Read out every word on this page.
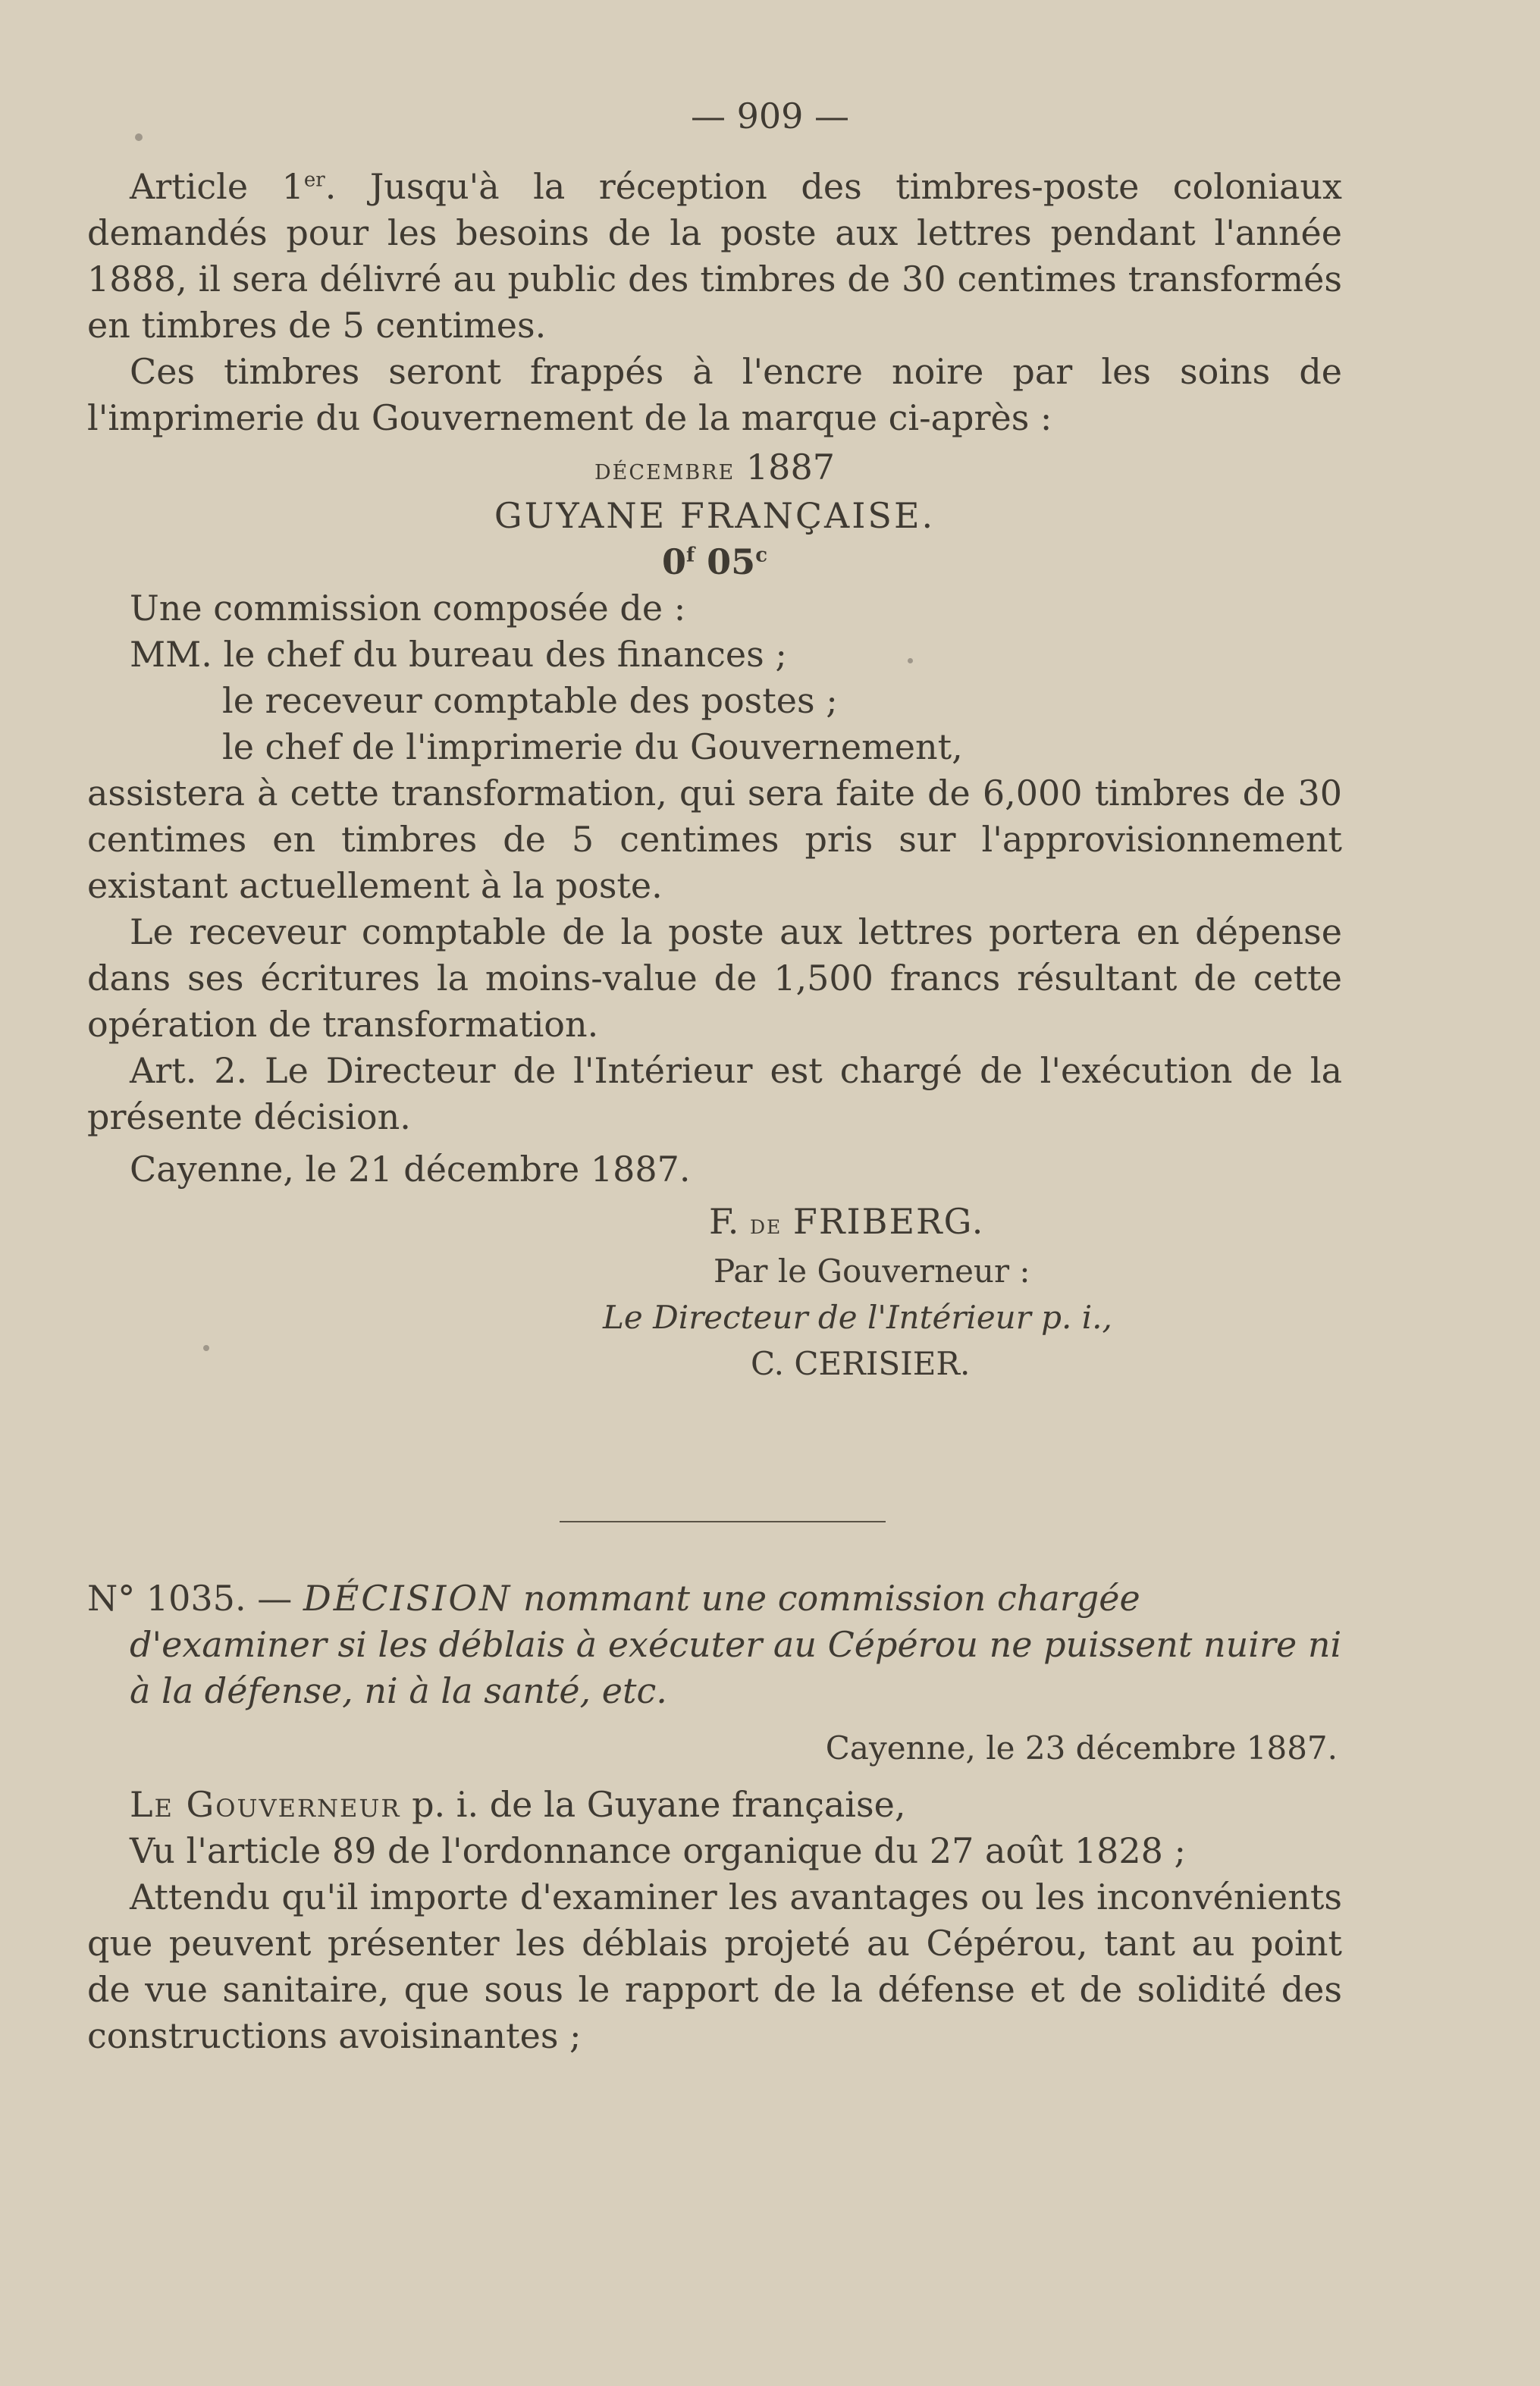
— 909 —

Article 1er. Jusqu'à la réception des timbres-poste coloniaux demandés pour les besoins de la poste aux lettres pendant l'année 1888, il sera délivré au public des timbres de 30 centimes transformés en timbres de 5 centimes.

Ces timbres seront frappés à l'encre noire par les soins de l'imprimerie du Gouvernement de la marque ci-après :

décembre 1887

GUYANE FRANÇAISE.

0$^f$ 05$^c$

Une commission composée de :

MM. le chef du bureau des finances ;

le receveur comptable des postes ;

le chef de l'imprimerie du Gouvernement,

assistera à cette transformation, qui sera faite de 6,000 timbres de 30 centimes en timbres de 5 centimes pris sur l'approvisionnement existant actuellement à la poste.

Le receveur comptable de la poste aux lettres portera en dépense dans ses écritures la moins-value de 1,500 francs résultant de cette opération de transformation.

Art. 2. Le Directeur de l'Intérieur est chargé de l'exécution de la présente décision.

Cayenne, le 21 décembre 1887.

F. de FRIBERG.

Par le Gouverneur :

Le Directeur de l'Intérieur p. i.,

C. CERISIER.

N° 1035. — DÉCISION nommant une commission chargée d'examiner si les déblais à exécuter au Cépérou ne puissent nuire ni à la défense, ni à la santé, etc.

Cayenne, le 23 décembre 1887.

Le Gouverneur p. i. de la Guyane française,

Vu l'article 89 de l'ordonnance organique du 27 août 1828 ;

Attendu qu'il importe d'examiner les avantages ou les inconvénients que peuvent présenter les déblais projeté au Cépérou, tant au point de vue sanitaire, que sous le rapport de la défense et de solidité des constructions avoisinantes ;
